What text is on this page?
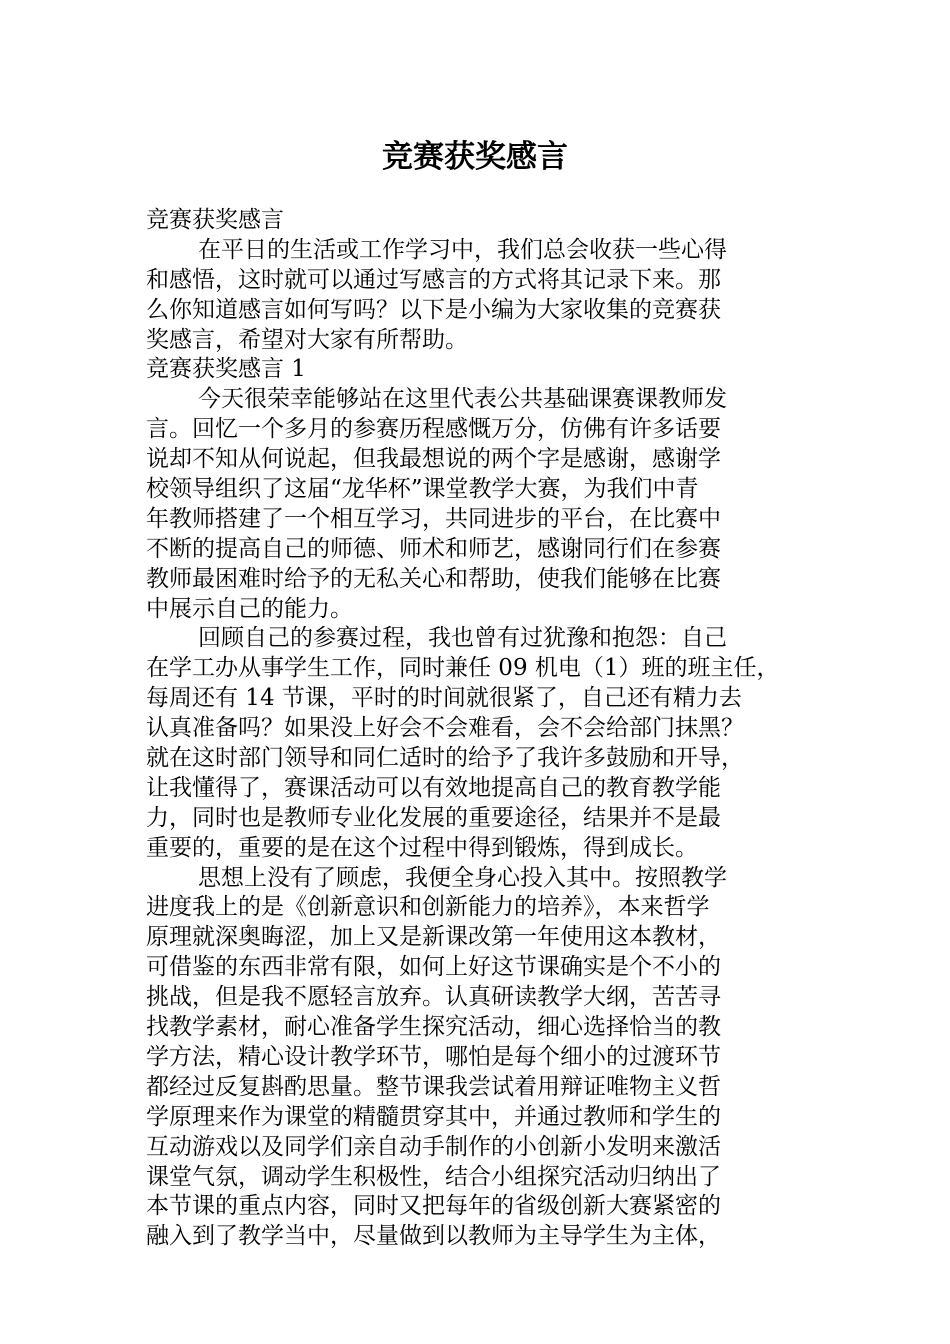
竞赛获奖感言

竞赛获奖感言

在平日的生活或工作学习中，我们总会收获一些心得

和感悟，这时就可以通过写感言的方式将其记录下来。那

么你知道感言如何写吗？以下是小编为大家收集的竞赛获

奖感言，希望对大家有所帮助。

竞赛获奖感言 1

今天很荣幸能够站在这里代表公共基础课赛课教师发

言。回忆一个多月的参赛历程感慨万分，仿佛有许多话要

说却不知从何说起，但我最想说的两个字是感谢，感谢学

校领导组织了这届“龙华杯”课堂教学大赛，为我们中青

年教师搭建了一个相互学习，共同进步的平台，在比赛中

不断的提高自己的师德、师术和师艺，感谢同行们在参赛

教师最困难时给予的无私关心和帮助，使我们能够在比赛

中展示自己的能力。

回顾自己的参赛过程，我也曾有过犹豫和抱怨：自己

在学工办从事学生工作，同时兼任 09 机电（1）班的班主任，

每周还有 14 节课，平时的时间就很紧了，自己还有精力去

认真准备吗？如果没上好会不会难看，会不会给部门抹黑？

就在这时部门领导和同仁适时的给予了我许多鼓励和开导，

让我懂得了，赛课活动可以有效地提高自己的教育教学能

力，同时也是教师专业化发展的重要途径，结果并不是最

重要的，重要的是在这个过程中得到锻炼，得到成长。

思想上没有了顾虑，我便全身心投入其中。按照教学

进度我上的是《创新意识和创新能力的培养》，本来哲学

原理就深奥晦涩，加上又是新课改第一年使用这本教材，

可借鉴的东西非常有限，如何上好这节课确实是个不小的

挑战，但是我不愿轻言放弃。认真研读教学大纲，苦苦寻

找教学素材，耐心准备学生探究活动，细心选择恰当的教

学方法，精心设计教学环节，哪怕是每个细小的过渡环节

都经过反复斟酌思量。整节课我尝试着用辩证唯物主义哲

学原理来作为课堂的精髓贯穿其中，并通过教师和学生的

互动游戏以及同学们亲自动手制作的小创新小发明来激活

课堂气氛，调动学生积极性，结合小组探究活动归纳出了

本节课的重点内容，同时又把每年的省级创新大赛紧密的

融入到了教学当中，尽量做到以教师为主导学生为主体，
